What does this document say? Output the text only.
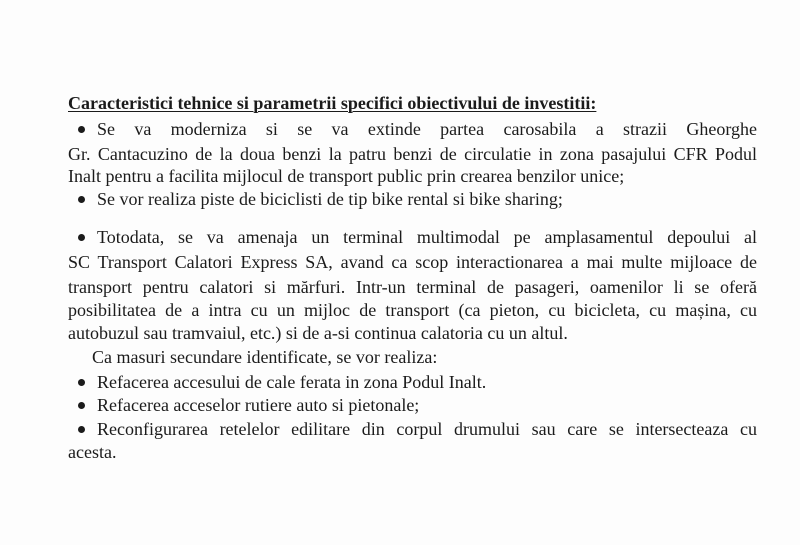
Caracteristici tehnice si parametrii specifici obiectivului de investitii:
Se va moderniza si se va extinde partea carosabila a strazii Gheorghe
Gr. Cantacuzino de la doua benzi la patru benzi de circulatie in zona pasajului CFR Podul
Inalt pentru a facilita mijlocul de transport public prin crearea benzilor unice;
Se vor realiza piste de biciclisti de tip bike rental si bike sharing;
Totodata, se va amenaja un terminal multimodal pe amplasamentul depoului al
SC Transport Calatori Express SA, avand ca scop interactionarea a mai multe mijloace de
transport pentru calatori si mărfuri. Intr-un terminal de pasageri, oamenilor li se oferă
posibilitatea de a intra cu un mijloc de transport (ca pieton, cu bicicleta, cu mașina, cu
autobuzul sau tramvaiul, etc.) si de a-si continua calatoria cu un altul.
Ca masuri secundare identificate, se vor realiza:
Refacerea accesului de cale ferata in zona Podul Inalt.
Refacerea acceselor rutiere auto si pietonale;
Reconfigurarea retelelor edilitare din corpul drumului sau care se intersecteaza cu
acesta.
